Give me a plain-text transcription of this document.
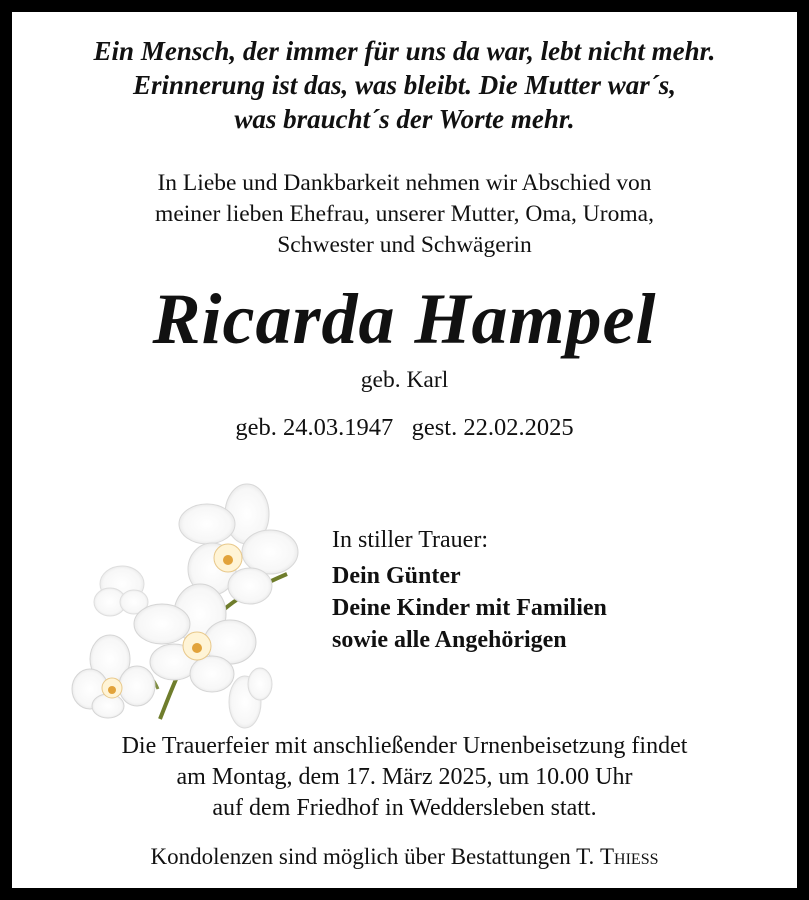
Ein Mensch, der immer für uns da war, lebt nicht mehr.
Erinnerung ist das, was bleibt. Die Mutter war´s,
was braucht´s der Worte mehr.
In Liebe und Dankbarkeit nehmen wir Abschied von
meiner lieben Ehefrau, unserer Mutter, Oma, Uroma,
Schwester und Schwägerin
Ricarda Hampel
geb. Karl
geb. 24.03.1947 gest. 22.02.2025
In stiller Trauer:
Dein Günter
Deine Kinder mit Familien
sowie alle Angehörigen
Die Trauerfeier mit anschließender Urnenbeisetzung findet
am Montag, dem 17. März 2025, um 10.00 Uhr
auf dem Friedhof in Weddersleben statt.
Kondolenzen sind möglich über Bestattungen T. Thieß
